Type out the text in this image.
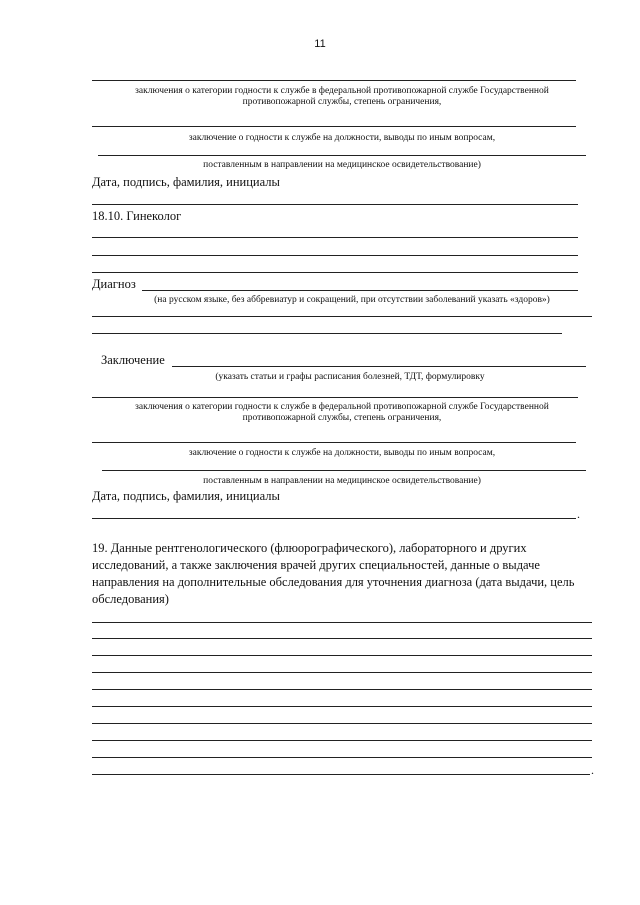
11
заключения о категории годности к службе в федеральной противопожарной службе Государственной противопожарной службы, степень ограничения,
заключение о годности к службе на должности, выводы по иным вопросам,
поставленным в направлении на медицинское освидетельствование)
Дата, подпись, фамилия, инициалы
18.10. Гинеколог
Диагноз
(на русском языке, без аббревиатур и сокращений, при отсутствии заболеваний указать «здоров»)
Заключение
(указать статьи и графы расписания болезней, ТДТ, формулировку
заключения о категории годности к службе в федеральной противопожарной службе Государственной противопожарной службы, степень ограничения,
заключение о годности к службе на должности, выводы по иным вопросам,
поставленным в направлении на медицинское освидетельствование)
Дата, подпись, фамилия, инициалы
.
19. Данные рентгенологического (флюорографического), лабораторного и других исследований, а также заключения врачей других специальностей, данные о выдаче направления на дополнительные обследования для уточнения диагноза (дата выдачи, цель обследования)
.
